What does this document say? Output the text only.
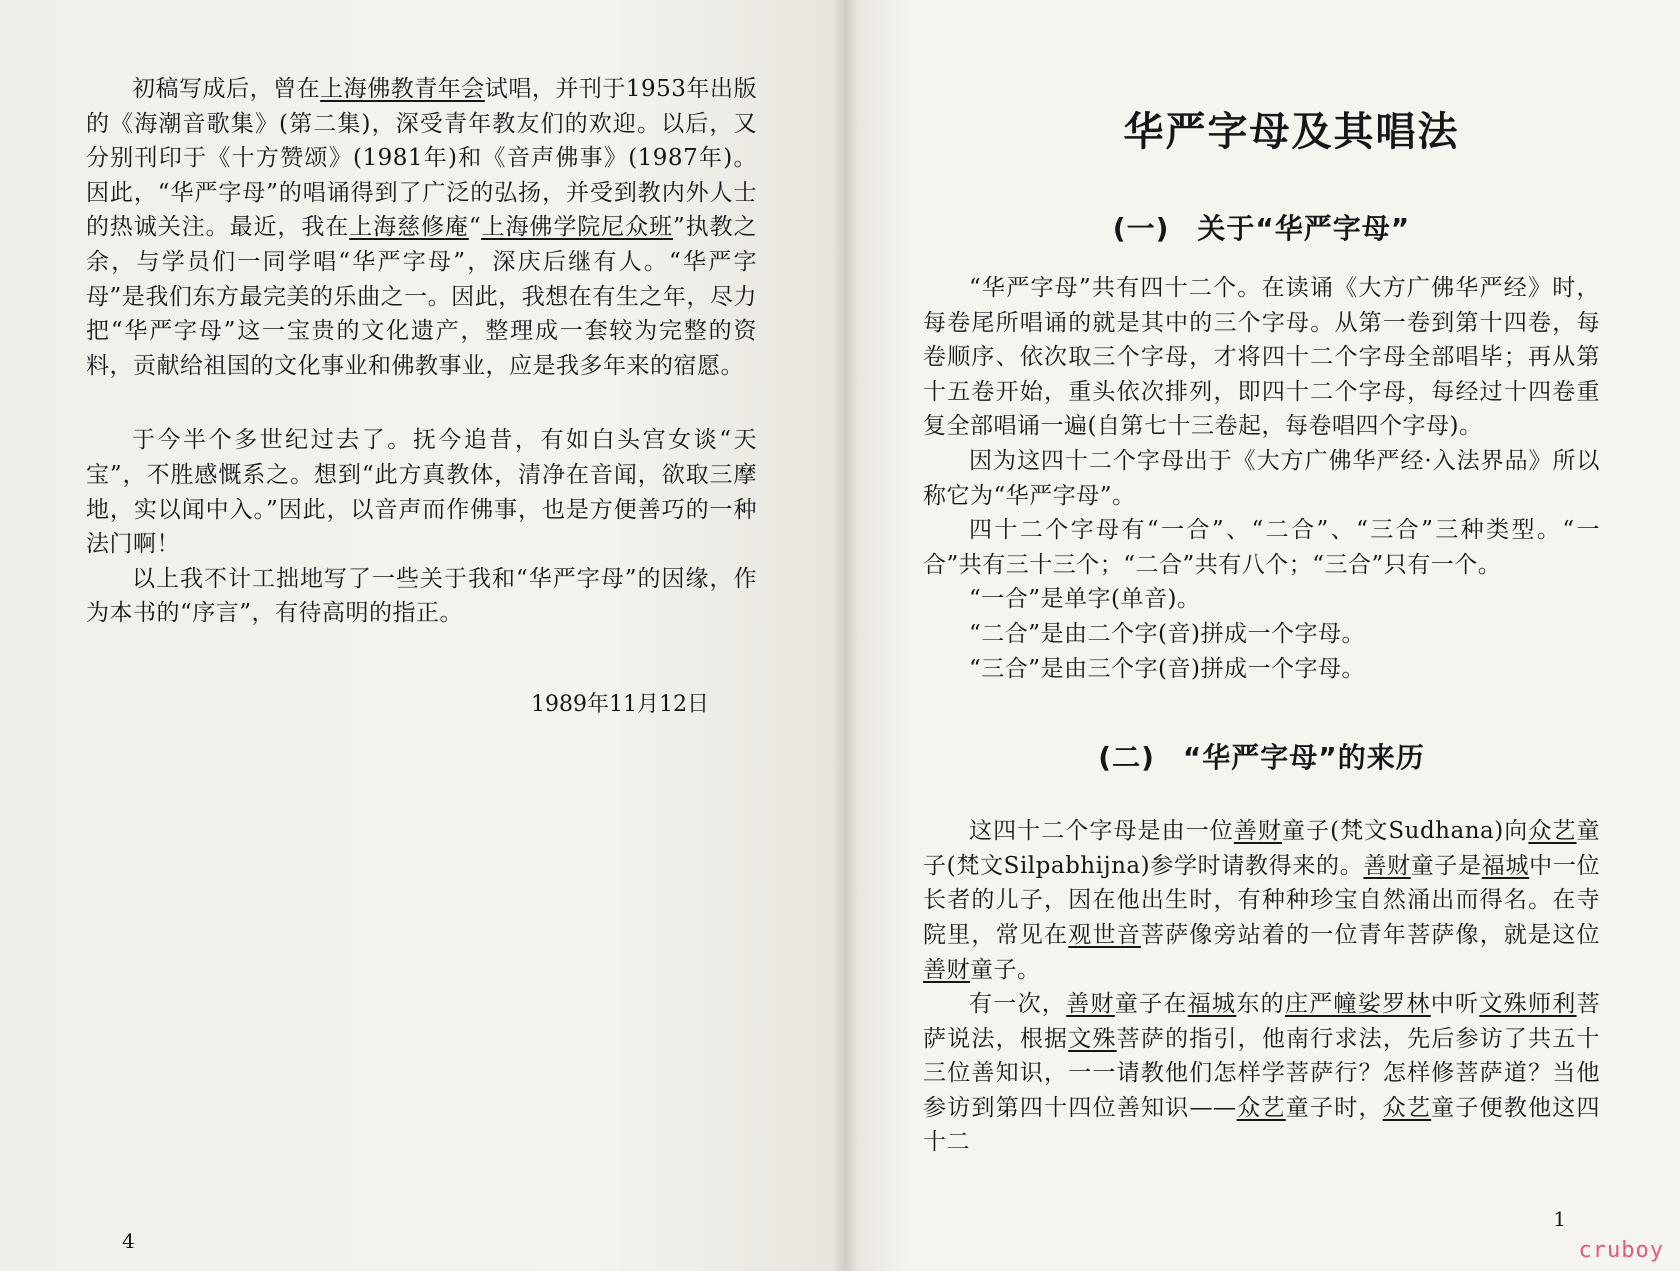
初稿写成后，曾在上海佛教青年会试唱，并刊于1953年出版的《海潮音歌集》(第二集)，深受青年教友们的欢迎。以后，又分别刊印于《十方赞颂》(1981年)和《音声佛事》(1987年)。因此，“华严字母”的唱诵得到了广泛的弘扬，并受到教内外人士的热诚关注。最近，我在上海慈修庵“上海佛学院尼众班”执教之余，与学员们一同学唱“华严字母”，深庆后继有人。“华严字母”是我们东方最完美的乐曲之一。因此，我想在有生之年，尽力把“华严字母”这一宝贵的文化遗产，整理成一套较为完整的资料，贡献给祖国的文化事业和佛教事业，应是我多年来的宿愿。

于今半个多世纪过去了。抚今追昔，有如白头宫女谈“天宝”，不胜感慨系之。想到“此方真教体，清净在音闻，欲取三摩地，实以闻中入。”因此，以音声而作佛事，也是方便善巧的一种法门啊！

以上我不计工拙地写了一些关于我和“华严字母”的因缘，作为本书的“序言”，有待高明的指正。

1989年11月12日

4
华严字母及其唱法
(一) 关于“华严字母”

“华严字母”共有四十二个。在读诵《大方广佛华严经》时，每卷尾所唱诵的就是其中的三个字母。从第一卷到第十四卷，每卷顺序、依次取三个字母，才将四十二个字母全部唱毕；再从第十五卷开始，重头依次排列，即四十二个字母，每经过十四卷重复全部唱诵一遍(自第七十三卷起，每卷唱四个字母)。

因为这四十二个字母出于《大方广佛华严经·入法界品》所以称它为“华严字母”。

四十二个字母有“一合”、“二合”、“三合”三种类型。“一合”共有三十三个；“二合”共有八个；“三合”只有一个。

“一合”是单字(单音)。

“二合”是由二个字(音)拼成一个字母。

“三合”是由三个字(音)拼成一个字母。

(二) “华严字母”的来历

这四十二个字母是由一位善财童子(梵文Sudhana)向众艺童子(梵文Silpabhijna)参学时请教得来的。善财童子是福城中一位长者的儿子，因在他出生时，有种种珍宝自然涌出而得名。在寺院里，常见在观世音菩萨像旁站着的一位青年菩萨像，就是这位善财童子。

有一次，善财童子在福城东的庄严幢娑罗林中听文殊师利菩萨说法，根据文殊菩萨的指引，他南行求法，先后参访了共五十三位善知识，一一请教他们怎样学菩萨行？怎样修菩萨道？当他参访到第四十四位善知识——众艺童子时，众艺童子便教他这四十二

1
cruboy
